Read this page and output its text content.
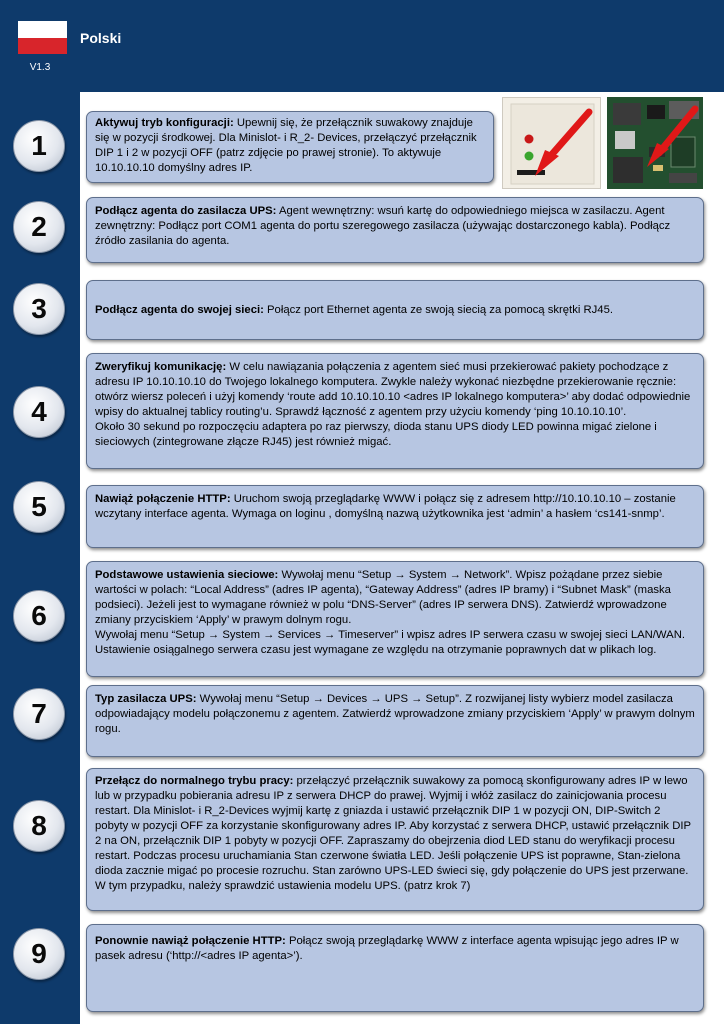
V1.3
Polski
1

Aktywuj tryb konfiguracji: Upewnij się, że przełącznik suwakowy znajduje się w pozycji środkowej. Dla Minislot- i R_2- Devices, przełączyć przełącznik DIP 1 i 2 w pozycji OFF (patrz zdjęcie po prawej stronie). To aktywuje 10.10.10.10 domyślny adres IP.

2	Podłącz agenta do zasilacza UPS: Agent wewnętrzny: wsuń kartę do odpowiedniego miejsca w zasilaczu. Agent zewnętrzny: Podłącz port COM1 agenta do portu szeregowego zasilacza (używając dostarczonego kabla). Podłącz źródło zasilania do agenta.

3	Podłącz agenta do swojej sieci: Połącz port Ethernet agenta ze swoją siecią za pomocą skrętki RJ45.

4

Zweryfikuj komunikację: W celu nawiązania połączenia z agentem sieć musi przekierować pakiety pochodzące z adresu IP 10.10.10.10 do Twojego lokalnego komputera. Zwykle należy wykonać niezbędne przekierowanie ręcznie: otwórz wiersz poleceń i użyj komendy ‘route add 10.10.10.10 <adres IP lokalnego komputera>’ aby dodać odpowiednie wpisy do aktualnej tablicy routing’u. Sprawdź łączność z agentem przy użyciu komendy ‘ping 10.10.10.10’.

Około 30 sekund po rozpoczęciu adaptera po raz pierwszy, dioda stanu UPS diody LED powinna migać zielone i sieciowych (zintegrowane złącze RJ45) jest również migać.

5	Nawiąż połączenie HTTP: Uruchom swoją przeglądarkę WWW i połącz się z adresem http://10.10.10.10 – zostanie wczytany interface agenta. Wymaga on loginu , domyślną nazwą użytkownika jest ‘admin’ a hasłem ‘cs141-snmp’.

6

Podstawowe ustawienia sieciowe: Wywołaj menu “Setup → System → Network”. Wpisz pożądane przez siebie wartości w polach: “Local Address” (adres IP agenta), “Gateway Address” (adres IP bramy) i “Subnet Mask” (maska podsieci). Jeżeli jest to wymagane również w polu “DNS-Server” (adres IP serwera DNS). Zatwierdź wprowadzone zmiany przyciskiem ‘Apply’ w prawym dolnym rogu.

Wywołaj menu “Setup → System → Services → Timeserver” i wpisz adres IP serwera czasu w swojej sieci LAN/WAN. Ustawienie osiągalnego serwera czasu jest wymagane ze względu na otrzymanie poprawnych dat w plikach log.

7	Typ zasilacza UPS: Wywołaj menu “Setup → Devices → UPS → Setup”. Z rozwijanej listy wybierz model zasilacza odpowiadający modelu połączonemu z agentem. Zatwierdź wprowadzone zmiany przyciskiem ‘Apply’ w prawym dolnym rogu.

8

Przełącz do normalnego trybu pracy: przełączyć przełącznik suwakowy za pomocą skonfigurowany adres IP w lewo lub w przypadku pobierania adresu IP z serwera DHCP do prawej. Wyjmij i włóż zasilacz do zainicjowania procesu restart. Dla Minislot- i R_2-Devices wyjmij kartę z gniazda i ustawić przełącznik DIP 1 w pozycji ON, DIP-Switch 2 pobyty w pozycji OFF za korzystanie skonfigurowany adres IP. Aby korzystać z serwera DHCP, ustawić przełącznik DIP 2 na ON, przełącznik DIP 1 pobyty w pozycji OFF. Zapraszamy do obejrzenia diod LED stanu do weryfikacji procesu restart. Podczas procesu uruchamiania Stan czerwone światła LED. Jeśli połączenie UPS ist poprawne, Stan-zielona dioda zacznie migać po procesie rozruchu. Stan zarówno UPS-LED świeci się, gdy połączenie do UPS jest przerwane. W tym przypadku, należy sprawdzić ustawienia modelu UPS. (patrz krok 7)

9	Ponownie nawiąż połączenie HTTP: Połącz swoją przeglądarkę WWW z interface agenta wpisując jego adres IP w pasek adresu (‘http://<adres IP agenta>’).
